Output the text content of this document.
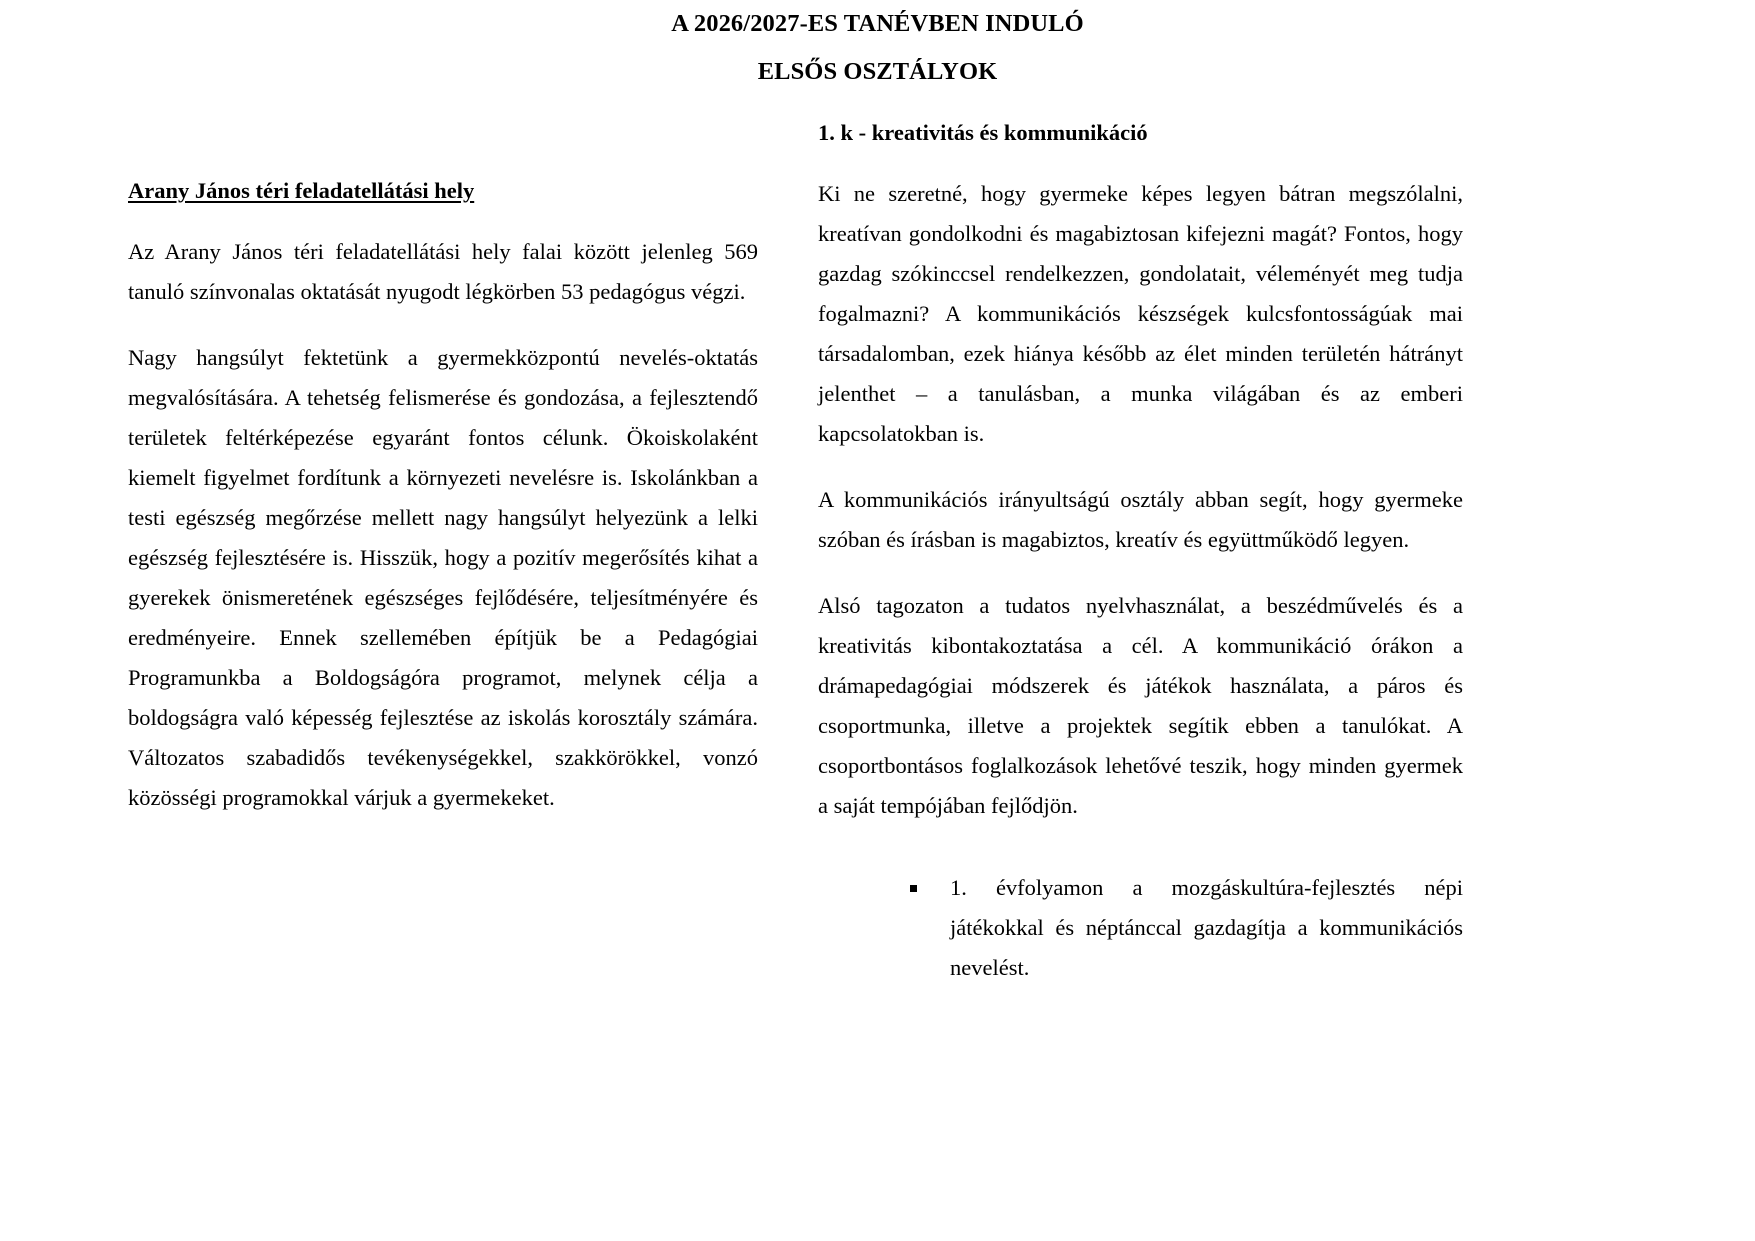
A 2026/2027-ES TANÉVBEN INDULÓ
ELSŐS OSZTÁLYOK
Arany János téri feladatellátási hely

Az Arany János téri feladatellátási hely falai között jelenleg 569 tanuló színvonalas oktatását nyugodt légkörben 53 pedagógus végzi.

Nagy hangsúlyt fektetünk a gyermekközpontú nevelés-oktatás megvalósítására. A tehetség felismerése és gondozása, a fejlesztendő területek feltérképezése egyaránt fontos célunk. Ökoiskolaként kiemelt figyelmet fordítunk a környezeti nevelésre is. Iskolánkban a testi egészség megőrzése mellett nagy hangsúlyt helyezünk a lelki egészség fejlesztésére is. Hisszük, hogy a pozitív megerősítés kihat a gyerekek önismeretének egészséges fejlődésére, teljesítményére és eredményeire. Ennek szellemében építjük be a Pedagógiai Programunkba a Boldogságóra programot, melynek célja a boldogságra való képesség fejlesztése az iskolás korosztály számára. Változatos szabadidős tevékenységekkel, szakkörökkel, vonzó közösségi programokkal várjuk a gyermekeket.

1. k - kreativitás és kommunikáció

Ki ne szeretné, hogy gyermeke képes legyen bátran megszólalni, kreatívan gondolkodni és magabiztosan kifejezni magát? Fontos, hogy gazdag szókinccsel rendelkezzen, gondolatait, véleményét meg tudja fogalmazni? A kommunikációs készségek kulcsfontosságúak mai társadalomban, ezek hiánya később az élet minden területén hátrányt jelenthet – a tanulásban, a munka világában és az emberi kapcsolatokban is.

A kommunikációs irányultságú osztály abban segít, hogy gyermeke szóban és írásban is magabiztos, kreatív és együttműködő legyen.

Alsó tagozaton a tudatos nyelvhasználat, a beszédművelés és a kreativitás kibontakoztatása a cél. A kommunikáció órákon a drámapedagógiai módszerek és játékok használata, a páros és csoportmunka, illetve a projektek segítik ebben a tanulókat. A csoportbontásos foglalkozások lehetővé teszik, hogy minden gyermek a saját tempójában fejlődjön.

1. évfolyamon a mozgáskultúra-fejlesztés népi játékokkal és néptánccal gazdagítja a kommunikációs nevelést.
